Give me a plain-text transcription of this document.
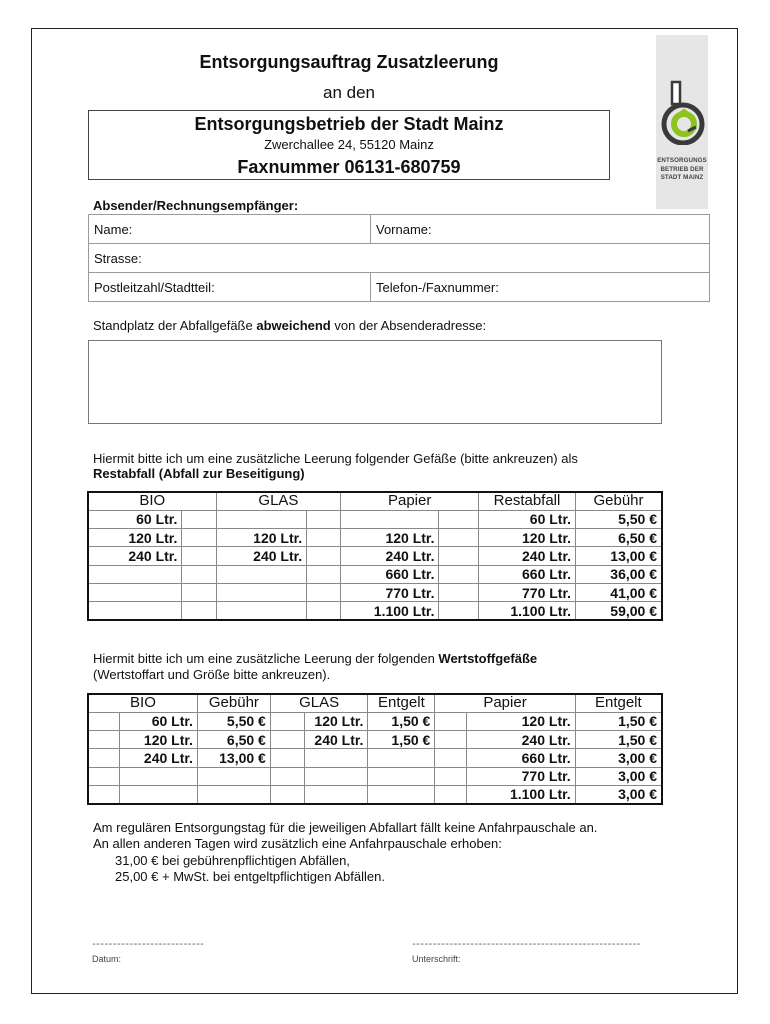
Entsorgungsauftrag Zusatzleerung
an den
Entsorgungsbetrieb der Stadt Mainz
Zwerchallee 24, 55120 Mainz
Faxnummer 06131-680759	ENTSORGUNGS
BETRIEB DER
STADT MAINZ
Absender/Rechnungsempfänger:
Name:	Vorname:
Strasse:	
Postleitzahl/Stadtteil:	Telefon-/Faxnummer:
Standplatz der Abfallgefäße abweichend von der Absenderadresse:
Hiermit bitte ich um eine zusätzliche Leerung folgender Gefäße (bitte ankreuzen) als
Restabfall (Abfall zur Beseitigung)
BIO		GLAS		Papier		Restabfall	Gebühr
60 Ltr.						60 Ltr.	5,50 €
120 Ltr.		120 Ltr.		120 Ltr.		120 Ltr.	6,50 €
240 Ltr.		240 Ltr.		240 Ltr.		240 Ltr.	13,00 €
				660 Ltr.		660 Ltr.	36,00 €
				770 Ltr.		770 Ltr.	41,00 €
				1.100 Ltr.		1.100 Ltr.	59,00 €
Hiermit bitte ich um eine zusätzliche Leerung der folgenden Wertstoffgefäße
(Wertstoffart und Größe bitte ankreuzen).
BIO		Gebühr	GLAS		Entgelt	Papier		Entgelt
	60 Ltr.	5,50 €		120 Ltr.	1,50 €		120 Ltr.	1,50 €
	120 Ltr.	6,50 €		240 Ltr.	1,50 €		240 Ltr.	1,50 €
	240 Ltr.	13,00 €					660 Ltr.	3,00 €
							770 Ltr.	3,00 €
							1.100 Ltr.	3,00 €
Am regulären Entsorgungstag für die jeweiligen Abfallart fällt keine Anfahrpauschale an.
An allen anderen Tagen wird zusätzlich eine Anfahrpauschale erhoben:
31,00 € bei gebührenpflichtigen Abfällen,
25,00 € + MwSt. bei entgeltpflichtigen Abfällen.
---------------------------
Datum:
-------------------------------------------------------
Unterschrift:
